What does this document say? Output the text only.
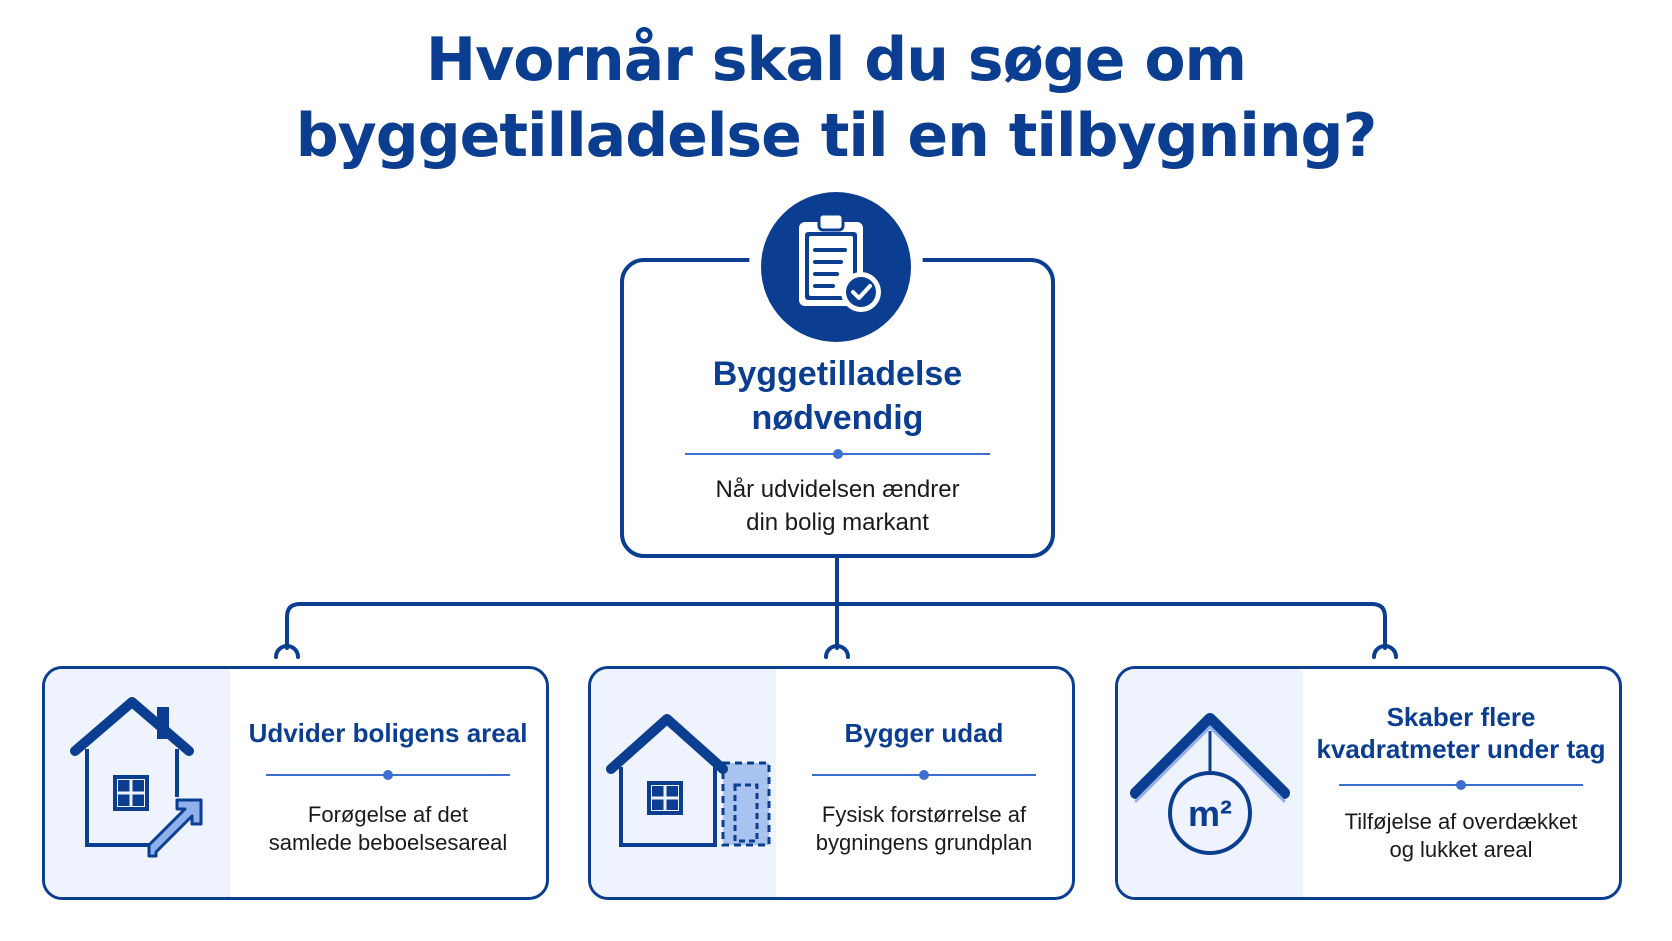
Hvornår skal du søge om
byggetilladelse til en tilbygning?
Byggetilladelse
nødvendig
Når udvidelsen ændrer
din bolig markant
Udvider boligens areal
Forøgelse af det
samlede beboelsesareal
Bygger udad
Fysisk forstørrelse af
bygningens grundplan
m²
Skaber flere
kvadratmeter under tag
Tilføjelse af overdækket
og lukket areal
